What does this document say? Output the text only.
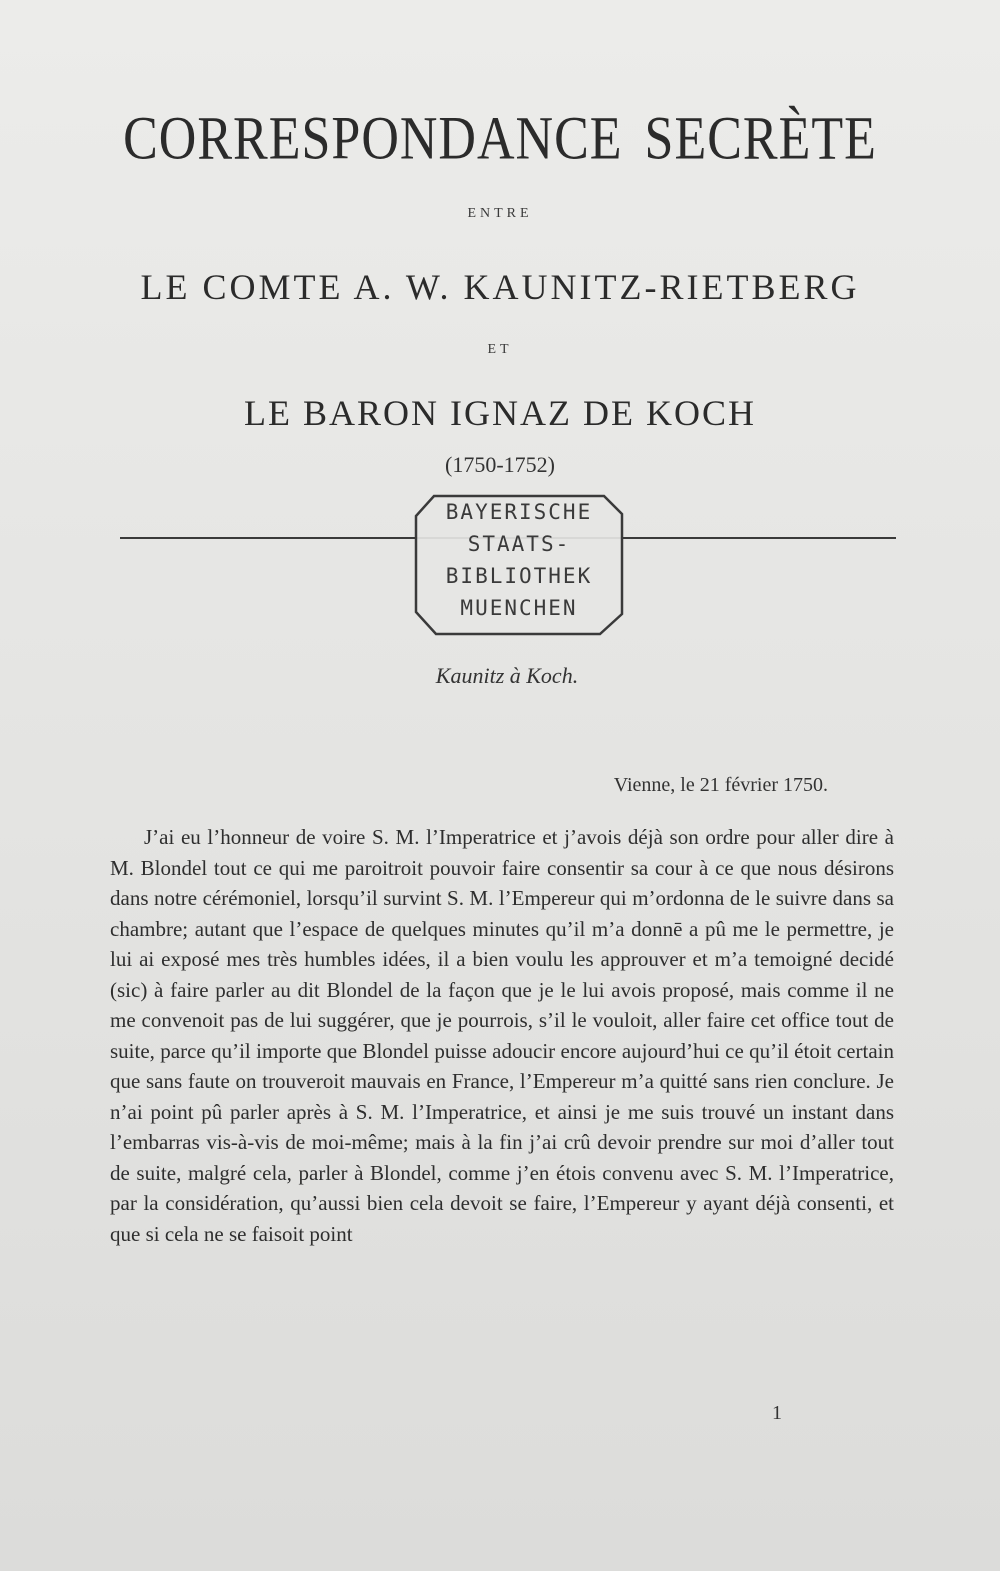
CORRESPONDANCE SECRÈTE
ENTRE
LE COMTE A. W. KAUNITZ-RIETBERG
ET
LE BARON IGNAZ DE KOCH
(1750-1752)
BAYERISCHE
STAATS-
BIBLIOTHEK
MUENCHEN
Kaunitz à Koch.
Vienne, le 21 février 1750.

J’ai eu l’honneur de voire S. M. l’Imperatrice et j’avois déjà son ordre pour aller dire à M. Blondel tout ce qui me paroitroit pouvoir faire consentir sa cour à ce que nous désirons dans notre cérémoniel, lorsqu’il survint S. M. l’Empereur qui m’ordonna de le suivre dans sa chambre; autant que l’espace de quelques minutes qu’il m’a donnē a pû me le permettre, je lui ai exposé mes très humbles idées, il a bien voulu les approuver et m’a temoigné decidé (sic) à faire parler au dit Blondel de la façon que je le lui avois proposé, mais comme il ne me convenoit pas de lui suggérer, que je pourrois, s’il le vouloit, aller faire cet office tout de suite, parce qu’il importe que Blondel puisse adoucir encore aujourd’hui ce qu’il étoit certain que sans faute on trouveroit mauvais en France, l’Empereur m’a quitté sans rien conclure. Je n’ai point pû parler après à S. M. l’Imperatrice, et ainsi je me suis trouvé un instant dans l’embarras vis-à-vis de moi-même; mais à la fin j’ai crû devoir prendre sur moi d’aller tout de suite, malgré cela, parler à Blondel, comme j’en étois convenu avec S. M. l’Imperatrice, par la considération, qu’aussi bien cela devoit se faire, l’Empereur y ayant déjà consenti, et que si cela ne se faisoit point

1
